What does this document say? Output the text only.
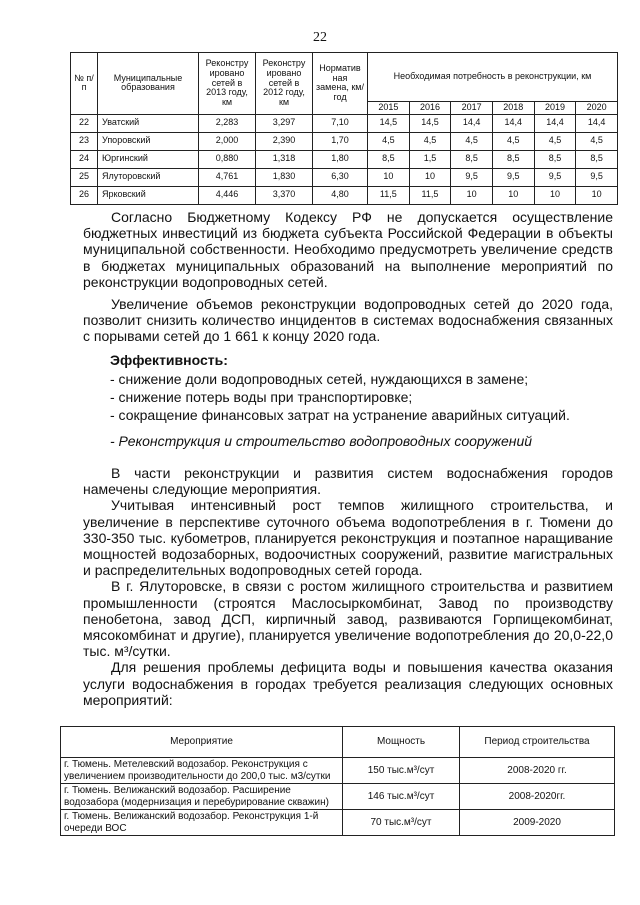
22
№ п/п	Муниципальные образования	Реконстру ировано сетей в 2013 году, км	Реконстру ировано сетей в 2012 году, км	Норматив ная замена, км/год	Необходимая потребность в реконструкции, км					
					2015	2016	2017	2018	2019	2020
22	Уватский	2,283	3,297	7,10	14,5	14,5	14,4	14,4	14,4	14,4
23	Упоровский	2,000	2,390	1,70	4,5	4,5	4,5	4,5	4,5	4,5
24	Юргинский	0,880	1,318	1,80	8,5	1,5	8,5	8,5	8,5	8,5
25	Ялуторовский	4,761	1,830	6,30	10	10	9,5	9,5	9,5	9,5
26	Ярковский	4,446	3,370	4,80	11,5	11,5	10	10	10	10

Согласно Бюджетному Кодексу РФ не допускается осуществление бюджетных инвестиций из бюджета субъекта Российской Федерации в объекты муниципальной собственности. Необходимо предусмотреть увеличение средств в бюджетах муниципальных образований на выполнение мероприятий по реконструкции водопроводных сетей.

Увеличение объемов реконструкции водопроводных сетей до 2020 года, позволит снизить количество инцидентов в системах водоснабжения связанных с порывами сетей до 1 661 к концу 2020 года.

Эффективность:
- снижение доли водопроводных сетей, нуждающихся в замене;
- снижение потерь воды при транспортировке;
- сокращение финансовых затрат на устранение аварийных ситуаций.
- Реконструкция и строительство водопроводных сооружений

В части реконструкции и развития систем водоснабжения городов намечены следующие мероприятия.

Учитывая интенсивный рост темпов жилищного строительства, и увеличение в перспективе суточного объема водопотребления в г. Тюмени до 330-350 тыс. кубометров, планируется реконструкция и поэтапное наращивание мощностей водозаборных, водоочистных сооружений, развитие магистральных и распределительных водопроводных сетей города.

В г. Ялуторовске, в связи с ростом жилищного строительства и развитием промышленности (строятся Маслосыркомбинат, Завод по производству пенобетона, завод ДСП, кирпичный завод, развиваются Горпищекомбинат, мясокомбинат и другие), планируется увеличение водопотребления до 20,0-22,0 тыс. м³/сутки.

Для решения проблемы дефицита воды и повышения качества оказания услуги водоснабжения в городах требуется реализация следующих основных мероприятий:

Мероприятие	Мощность	Период строительства
г. Тюмень. Метелевский водозабор. Реконструкция с увеличением производительности до 200,0 тыс. м3/сутки	150 тыс.м³/сут	2008-2020 гг.
г. Тюмень. Велижанский водозабор. Расширение водозабора (модернизация и перебурирование скважин)	146 тыс.м³/сут	2008-2020гг.
г. Тюмень. Велижанский водозабор. Реконструкция 1-й очереди ВОС	70 тыс.м³/сут	2009-2020
